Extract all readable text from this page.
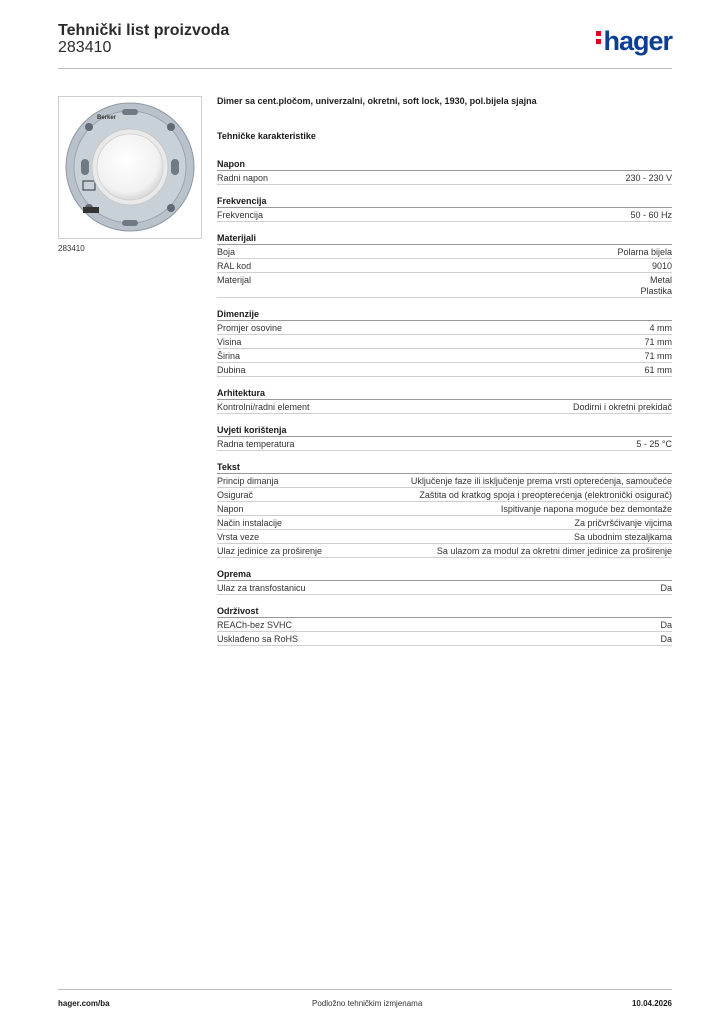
Tehnički list proizvoda
283410	hager
Berker
283410
Dimer sa cent.pločom, univerzalni, okretni, soft lock, 1930, pol.bijela sjajna
Tehničke karakteristike
Napon
Radni napon	230 - 230 V
Frekvencija
Frekvencija	50 - 60 Hz
Materijali
Boja	Polarna bijela
RAL kod	9010
Materijal	Metal
Plastika
Dimenzije
Promjer osovine	4 mm
Visina	71 mm
Širina	71 mm
Dubina	61 mm
Arhitektura
Kontrolni/radni element	Dodirni i okretni prekidač
Uvjeti korištenja
Radna temperatura	5 - 25 °C
Tekst
Princip dimanja	Uključenje faze ili isključenje prema vrsti opterećenja, samoučeće
Osigurač	Zaštita od kratkog spoja i preopterećenja (elektronički osigurač)
Napon	Ispitivanje napona moguće bez demontaže
Način instalacije	Za pričvršćivanje vijcima
Vrsta veze	Sa ubodnim stezaljkama
Ulaz jedinice za proširenje	Sa ulazom za modul za okretni dimer jedinice za proširenje
Oprema
Ulaz za transfostanicu	Da
Održivost
REACh-bez SVHC	Da
Usklađeno sa RoHS	Da
hager.com/ba	Podložno tehničkim izmjenama	10.04.2026
